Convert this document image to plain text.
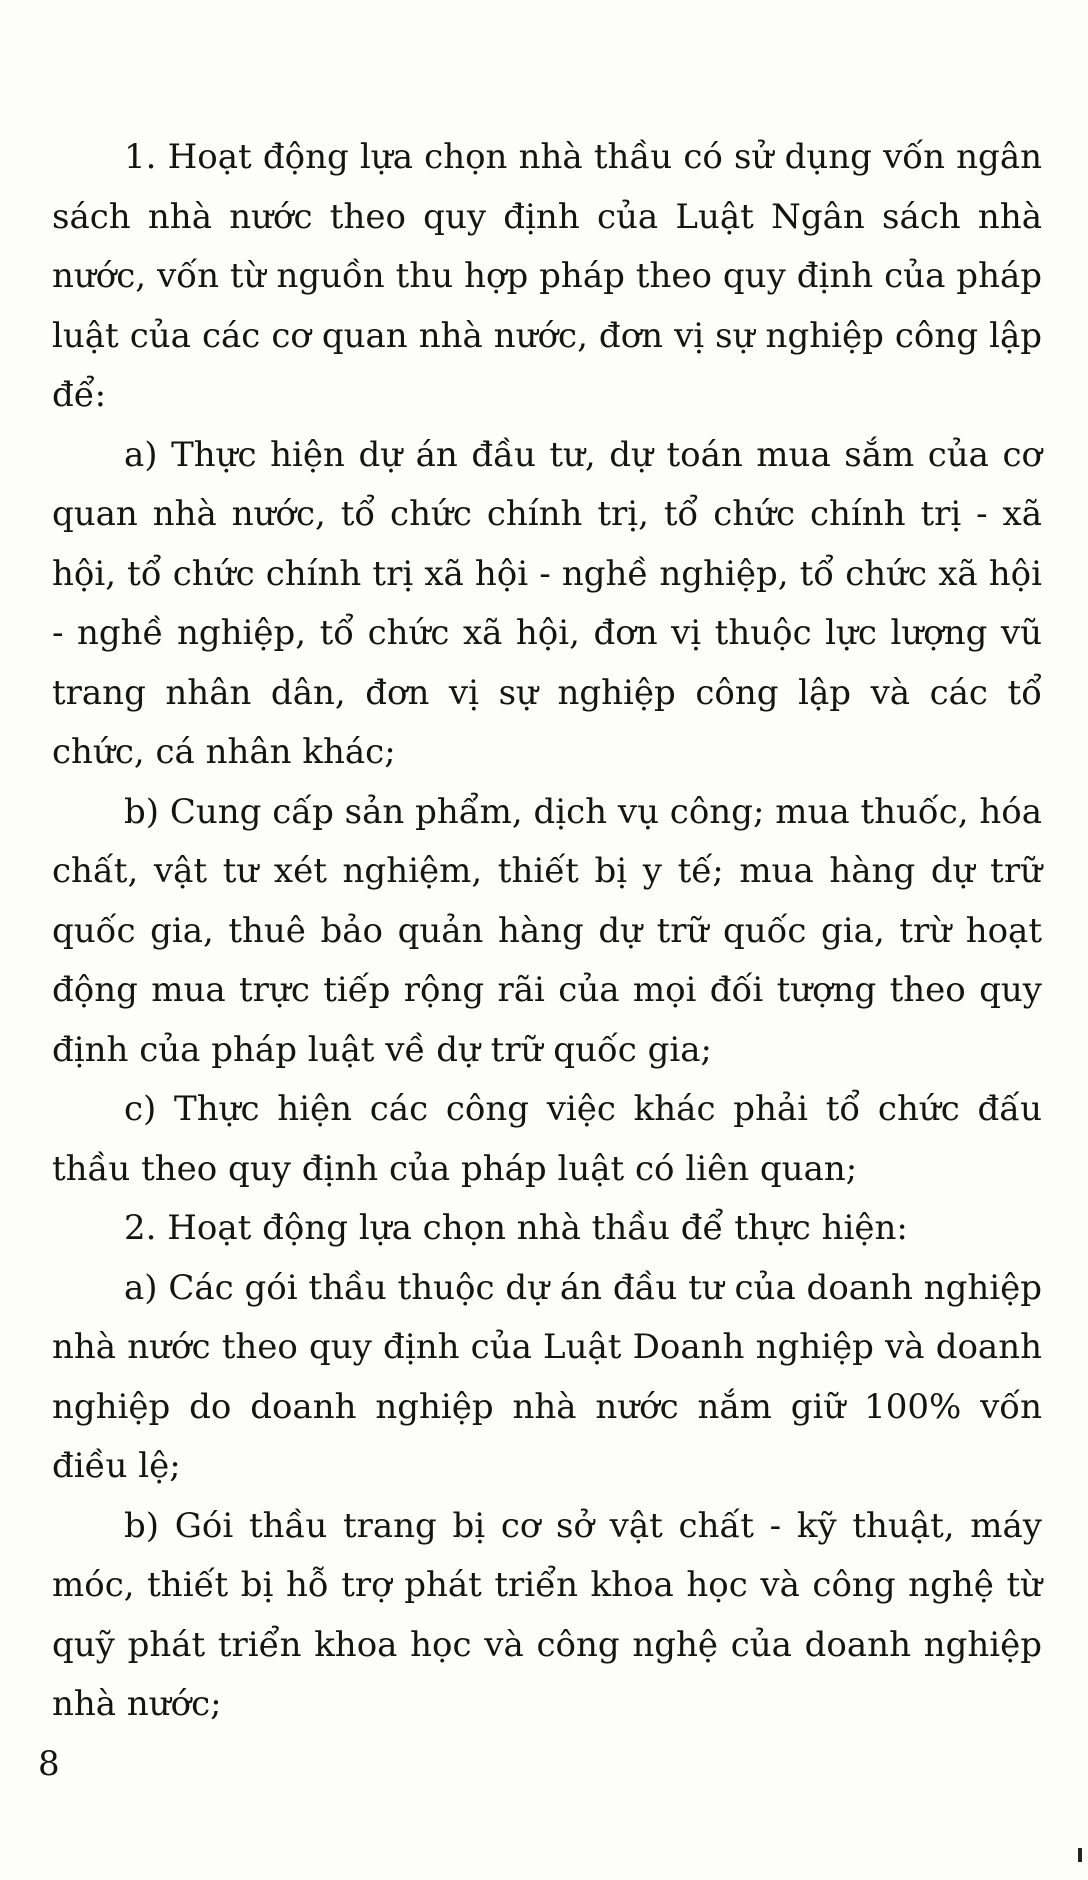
1. Hoạt động lựa chọn nhà thầu có sử dụng vốn ngân sách nhà nước theo quy định của Luật Ngân sách nhà nước, vốn từ nguồn thu hợp pháp theo quy định của pháp luật của các cơ quan nhà nước, đơn vị sự nghiệp công lập để:

a) Thực hiện dự án đầu tư, dự toán mua sắm của cơ quan nhà nước, tổ chức chính trị, tổ chức chính trị - xã hội, tổ chức chính trị xã hội - nghề nghiệp, tổ chức xã hội - nghề nghiệp, tổ chức xã hội, đơn vị thuộc lực lượng vũ trang nhân dân, đơn vị sự nghiệp công lập và các tổ chức, cá nhân khác;

b) Cung cấp sản phẩm, dịch vụ công; mua thuốc, hóa chất, vật tư xét nghiệm, thiết bị y tế; mua hàng dự trữ quốc gia, thuê bảo quản hàng dự trữ quốc gia, trừ hoạt động mua trực tiếp rộng rãi của mọi đối tượng theo quy định của pháp luật về dự trữ quốc gia;

c) Thực hiện các công việc khác phải tổ chức đấu thầu theo quy định của pháp luật có liên quan;

2. Hoạt động lựa chọn nhà thầu để thực hiện:

a) Các gói thầu thuộc dự án đầu tư của doanh nghiệp nhà nước theo quy định của Luật Doanh nghiệp và doanh nghiệp do doanh nghiệp nhà nước nắm giữ 100% vốn điều lệ;

b) Gói thầu trang bị cơ sở vật chất - kỹ thuật, máy móc, thiết bị hỗ trợ phát triển khoa học và công nghệ từ quỹ phát triển khoa học và công nghệ của doanh nghiệp nhà nước;

8
